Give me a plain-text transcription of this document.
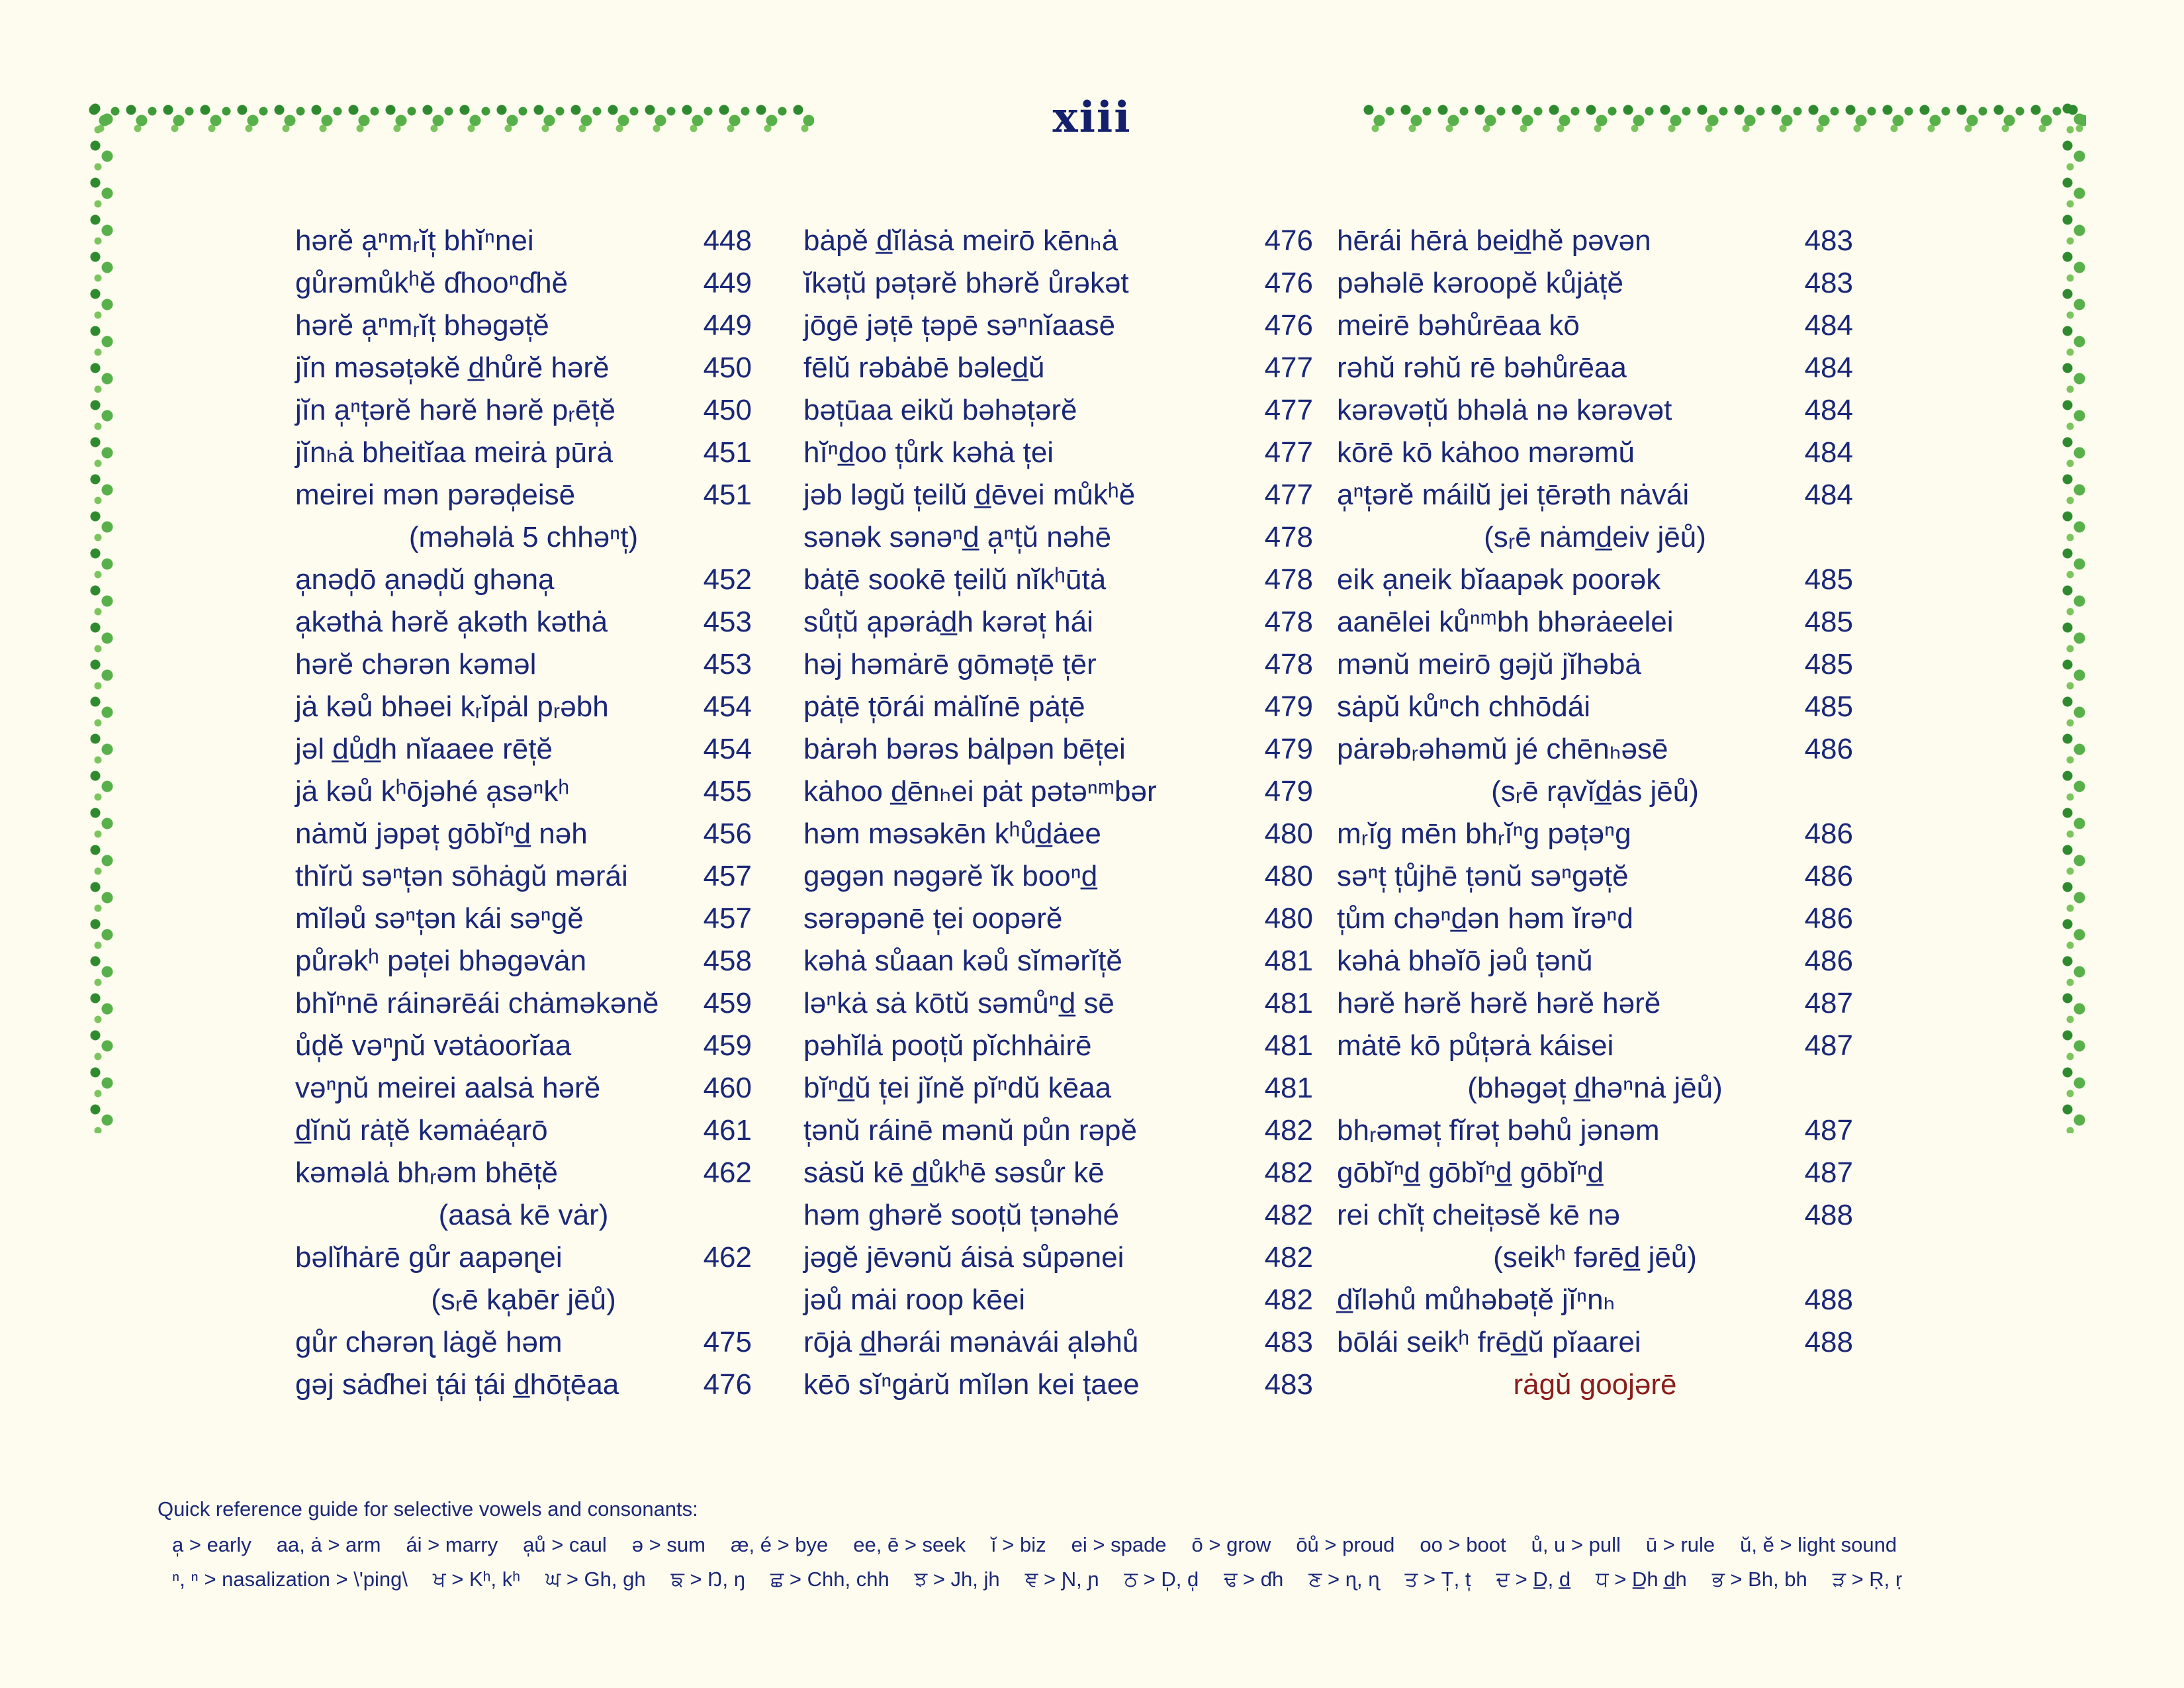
xiii
hərĕ a̩ⁿmᵣĭt̩ bhĭⁿnei	448
gůrəmůkʰĕ ɗhooⁿɗhĕ	449
hərĕ a̩ⁿmᵣĭt̩ bhəgət̩ĕ	449
jĭn məsət̩əkĕ d̲hůrĕ hərĕ	450
jĭn a̩ⁿt̩ərĕ hərĕ hərĕ pᵣēt̩ĕ	450
jĭnₕȧ bheitĭaa meirȧ pūrȧ	451
meirei mən pərəd̩eisē	451
(məhəlȧ 5 chhəⁿt̩)
a̩nəd̩ō a̩nəd̩ŭ ghəna̩	452
a̩kəthȧ hərĕ a̩kəth kəthȧ	453
hərĕ chərən kəməl	453
jȧ kəů bhəei kᵣĭpȧl pᵣəbh	454
jəl d̲ůd̲h nĭaaee rēt̩ĕ	454
jȧ kəů kʰōjəhé a̩səⁿkʰ	455
nȧmŭ jəpət̩ gōbĭⁿd̲ nəh	456
thĭrŭ səⁿt̩ən sōhȧgŭ mərái	457
mĭləů səⁿt̩ən kái səⁿgĕ	457
půrəkʰ pət̩ei bhəgəvȧn	458
bhĭⁿnē ráinərēái chȧməkənĕ	459
ůd̩ĕ vəⁿɲŭ vətȧoorĭaa	459
vəⁿɲŭ meirei aalsȧ hərĕ	460
d̲ĭnŭ rȧt̩ĕ kəmȧéa̩rō	461
kəməlȧ bhᵣəm bhēt̩ĕ	462
(aasȧ kē vȧr)
bəlĭhȧrē gůr aapəɳei	462
(sᵣē ka̩bēr jēů)
gůr chərəɳ lȧgĕ həm	475
gəj sȧɗhei t̩ái t̩ái d̲hōt̩ēaa	476
bȧpĕ d̲ĭlȧsȧ meirō kēnₕȧ	476
ĭkət̩ŭ pət̩ərĕ bhərĕ ůrəkət	476
jōgē jət̩ē t̩əpē səⁿnĭaasē	476
fēlŭ rəbȧbē bəled̲ŭ	477
bət̩ūaa eikŭ bəhət̩ərĕ	477
hĭⁿd̲oo t̩ůrk kəhȧ t̩ei	477
jəb ləgŭ t̩eilŭ d̲ēvei můkʰĕ	477
sənək sənəⁿd̲ a̩ⁿt̩ŭ nəhē	478
bȧt̩ē sookē t̩eilŭ nĭkʰūtȧ	478
sůt̩ŭ a̩pərȧd̲h kərət̩ hái	478
həj həmȧrē gōmət̩ē t̩ēr	478
pȧt̩ē t̩ōrái mȧlĭnē pȧt̩ē	479
bȧrəh bərəs bȧlpən bēt̩ei	479
kȧhoo d̲ēnₕei pȧt pətəⁿᵐbər	479
həm məsəkēn kʰůd̲ȧee	480
gəgən nəgərĕ ĭk booⁿd̲	480
sərəpənē t̩ei oopərĕ	480
kəhȧ sůaan kəů sĭmərĭt̩ĕ	481
ləⁿkȧ sȧ kōtŭ səmůⁿd̲ sē	481
pəhĭlȧ poot̩ŭ pĭchhȧirē	481
bĭⁿd̲ŭ t̩ei jĭnĕ pĭⁿdŭ kēaa	481
t̩ənŭ ráinē mənŭ půn rəpĕ	482
sȧsŭ kē d̲ůkʰē səsůr kē	482
həm ghərĕ soot̩ŭ t̩ənəhé	482
jəgĕ jēvənŭ áisȧ sůpənei	482
jəů mȧi roop kēei	482
rōjȧ d̲hərái mənȧvái a̩ləhů	483
kēō sĭⁿgȧrŭ mĭlən kei t̩aee	483
hērái hērȧ beid̲hĕ pəvən	483
pəhəlē kəroopĕ kůjȧt̩ĕ	483
meirē bəhůrēaa kō	484
rəhŭ rəhŭ rē bəhůrēaa	484
kərəvət̩ŭ bhəlȧ nə kərəvət	484
kōrē kō kȧhoo mərəmŭ	484
a̩ⁿt̩ərĕ máilŭ jei t̩ērəth nȧvái	484
(sᵣē nȧmd̲eiv jēů)
eik a̩neik bĭaapək poorək	485
aanēlei kůⁿᵐbh bhərȧeelei	485
mənŭ meirō gəjŭ jĭhəbȧ	485
sȧpŭ kůⁿch chhōdái	485
pȧrəbᵣəhəmŭ jé chēnₕəsē	486
(sᵣē ra̩vĭd̲ȧs jēů)
mᵣĭg mēn bhᵣĭⁿg pət̩əⁿg	486
səⁿt̩ t̩ůjhē t̩ənŭ səⁿgət̩ĕ	486
t̩ům chəⁿd̲ən həm ĭrəⁿd	486
kəhȧ bhəĭō jəů t̩ənŭ	486
hərĕ hərĕ hərĕ hərĕ hərĕ	487
mȧtē kō půt̩ərȧ káisei	487
(bhəgət̩ d̲həⁿnȧ jēů)
bhᵣəmət̩ fĭrət̩ bəhů jənəm	487
gōbĭⁿd̲ gōbĭⁿd̲ gōbĭⁿd̲	487
rei chĭt̩ cheit̩əsĕ kē nə	488
(seikʰ fərēd̲ jēů)
d̲ĭləhů můhəbət̩ĕ jĭⁿnₕ	488
bōlái seikʰ frēd̲ŭ pĭaarei	488
rȧgŭ goojərē
Quick reference guide for selective vowels and consonants:
a̩ > early aa, ȧ > arm ái > marry a̩ů > caul ə > sum æ, é > bye ee, ē > seek ĭ > biz ei > spade ō > grow ōů > proud oo > boot ů, u > pull ū > rule ŭ, ĕ > light sound
ⁿ, ⁿ > nasalization > \'ping\ ਖ > Kʰ, kʰ ਘ > Gh, gh ਙ > Ŋ, ŋ ਛ > Chh, chh ਝ > Jh, jh ਞ > Ɲ, ɲ ਠ > D̩, d̩ ਢ > ɗh ਣ > ɳ, ɳ ਤ > T̩, t̩ ਦ > D̲, d̲ ਧ > D̲h d̲h ਭ > Bh, bh ੜ > Ṛ, ṛ
